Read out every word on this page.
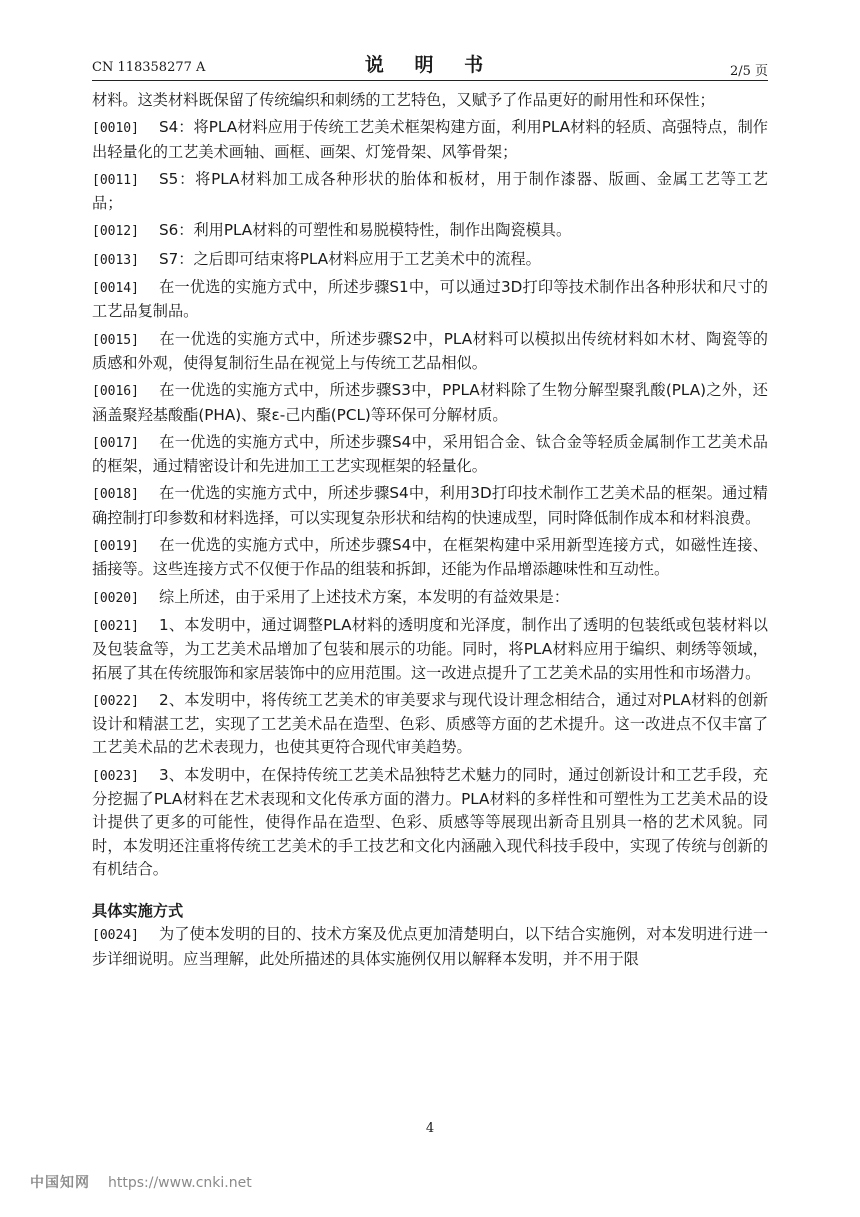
CN 118358277 A	说 明 书	2/5 页

材料。这类材料既保留了传统编织和刺绣的工艺特色，又赋予了作品更好的耐用性和环保性；

[0010] S4：将PLA材料应用于传统工艺美术框架构建方面，利用PLA材料的轻质、高强特点，制作出轻量化的工艺美术画轴、画框、画架、灯笼骨架、风筝骨架；

[0011] S5：将PLA材料加工成各种形状的胎体和板材，用于制作漆器、版画、金属工艺等工艺品；

[0012] S6：利用PLA材料的可塑性和易脱模特性，制作出陶瓷模具。

[0013] S7：之后即可结束将PLA材料应用于工艺美术中的流程。

[0014] 在一优选的实施方式中，所述步骤S1中，可以通过3D打印等技术制作出各种形状和尺寸的工艺品复制品。

[0015] 在一优选的实施方式中，所述步骤S2中，PLA材料可以模拟出传统材料如木材、陶瓷等的质感和外观，使得复制衍生品在视觉上与传统工艺品相似。

[0016] 在一优选的实施方式中，所述步骤S3中，PPLA材料除了生物分解型聚乳酸(PLA)之外，还涵盖聚羟基酸酯(PHA)、聚ε-己内酯(PCL)等环保可分解材质。

[0017] 在一优选的实施方式中，所述步骤S4中，采用铝合金、钛合金等轻质金属制作工艺美术品的框架，通过精密设计和先进加工工艺实现框架的轻量化。

[0018] 在一优选的实施方式中，所述步骤S4中，利用3D打印技术制作工艺美术品的框架。通过精确控制打印参数和材料选择，可以实现复杂形状和结构的快速成型，同时降低制作成本和材料浪费。

[0019] 在一优选的实施方式中，所述步骤S4中，在框架构建中采用新型连接方式，如磁性连接、插接等。这些连接方式不仅便于作品的组装和拆卸，还能为作品增添趣味性和互动性。

[0020] 综上所述，由于采用了上述技术方案，本发明的有益效果是：

[0021] 1、本发明中，通过调整PLA材料的透明度和光泽度，制作出了透明的包装纸或包装材料以及包装盒等，为工艺美术品增加了包装和展示的功能。同时，将PLA材料应用于编织、刺绣等领域，拓展了其在传统服饰和家居装饰中的应用范围。这一改进点提升了工艺美术品的实用性和市场潜力。

[0022] 2、本发明中，将传统工艺美术的审美要求与现代设计理念相结合，通过对PLA材料的创新设计和精湛工艺，实现了工艺美术品在造型、色彩、质感等方面的艺术提升。这一改进点不仅丰富了工艺美术品的艺术表现力，也使其更符合现代审美趋势。

[0023] 3、本发明中，在保持传统工艺美术品独特艺术魅力的同时，通过创新设计和工艺手段，充分挖掘了PLA材料在艺术表现和文化传承方面的潜力。PLA材料的多样性和可塑性为工艺美术品的设计提供了更多的可能性，使得作品在造型、色彩、质感等等展现出新奇且别具一格的艺术风貌。同时，本发明还注重将传统工艺美术的手工技艺和文化内涵融入现代科技手段中，实现了传统与创新的有机结合。

具体实施方式

[0024] 为了使本发明的目的、技术方案及优点更加清楚明白，以下结合实施例，对本发明进行进一步详细说明。应当理解，此处所描述的具体实施例仅用以解释本发明，并不用于限

4
中国知网 https://www.cnki.net
